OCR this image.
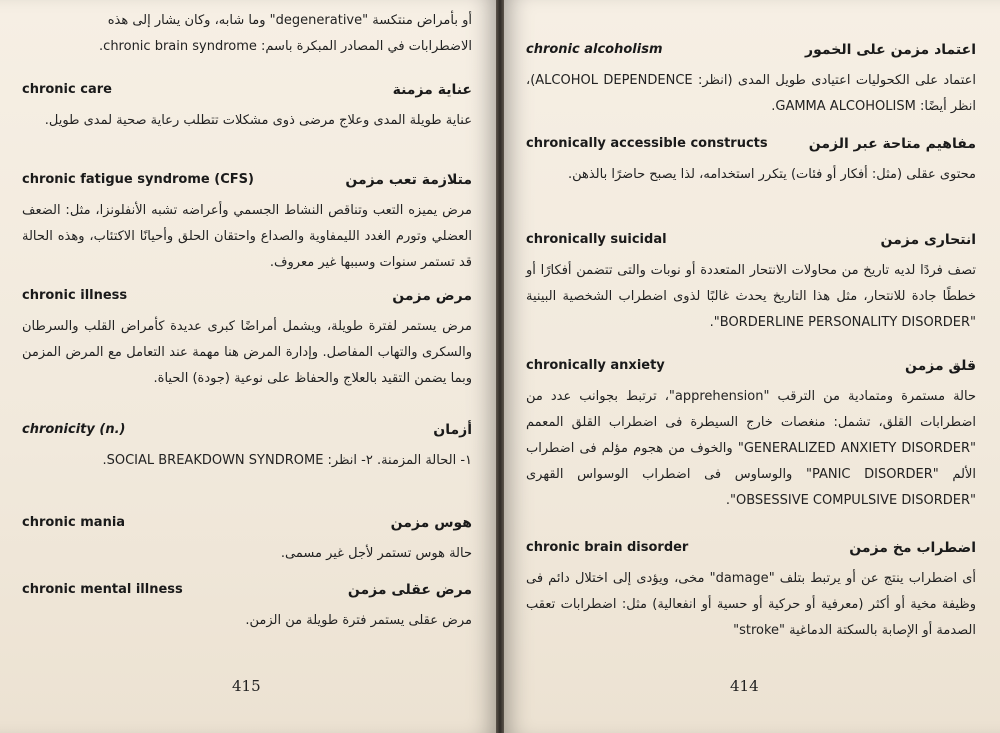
أو بأمراض منتكسة "degenerative" وما شابه، وكان يشار إلى هذه
الاضطرابات في المصادر المبكرة باسم: chronic brain syndrome.
chronic care	عناية مزمنة
عناية طويلة المدى وعلاج مرضى ذوى مشكلات تتطلب رعاية صحية لمدى طويل.
chronic fatigue syndrome (CFS)	متلازمة تعب مزمن
مرض يميزه التعب وتناقص النشاط الجسمي وأعراضه تشبه الأنفلونزا، مثل: الضعف العضلي وتورم الغدد الليمفاوية والصداع واحتقان الحلق وأحيانًا الاكتئاب، وهذه الحالة قد تستمر سنوات وسببها غير معروف.
chronic illness	مرض مزمن
مرض يستمر لفترة طويلة، ويشمل أمراضًا كبرى عديدة كأمراض القلب والسرطان والسكرى والتهاب المفاصل. وإدارة المرض هنا مهمة عند التعامل مع المرض المزمن وبما يضمن التقيد بالعلاج والحفاظ على نوعية (جودة) الحياة.
chronicity (n.)	أزمان
١- الحالة المزمنة. ٢- انظر: SOCIAL BREAKDOWN SYNDROME.
chronic mania	هوس مزمن
حالة هوس تستمر لأجل غير مسمى.
chronic mental illness	مرض عقلى مزمن
مرض عقلى يستمر فترة طويلة من الزمن.
415
chronic alcoholism	اعتماد مزمن على الخمور
اعتماد على الكحوليات اعتيادى طويل المدى (انظر: ALCOHOL DEPENDENCE)، انظر أيضًا: GAMMA ALCOHOLISM.
chronically accessible constructs	مفاهيم متاحة عبر الزمن
محتوى عقلى (مثل: أفكار أو فئات) يتكرر استخدامه، لذا يصبح حاضرًا بالذهن.
chronically suicidal	انتحارى مزمن
تصف فردًا لديه تاريخ من محاولات الانتحار المتعددة أو نوبات والتى تتضمن أفكارًا أو خططًا جادة للانتحار، مثل هذا التاريخ يحدث غالبًا لذوى اضطراب الشخصية البينية "BORDERLINE PERSONALITY DISORDER".
chronically anxiety	قلق مزمن
حالة مستمرة ومتمادية من الترقب "apprehension"، ترتبط بجوانب عدد من اضطرابات القلق، تشمل: منغصات خارج السيطرة فى اضطراب القلق المعمم "GENERALIZED ANXIETY DISORDER" والخوف من هجوم مؤلم فى اضطراب الألم "PANIC DISORDER" والوساوس فى اضطراب الوسواس القهرى "OBSESSIVE COMPULSIVE DISORDER".
chronic brain disorder	اضطراب مخ مزمن
أى اضطراب ينتج عن أو يرتبط بتلف "damage" مخى، ويؤدى إلى اختلال دائم فى وظيفة مخية أو أكثر (معرفية أو حركية أو حسية أو انفعالية) مثل: اضطرابات تعقب الصدمة أو الإصابة بالسكتة الدماغية "stroke"
414
